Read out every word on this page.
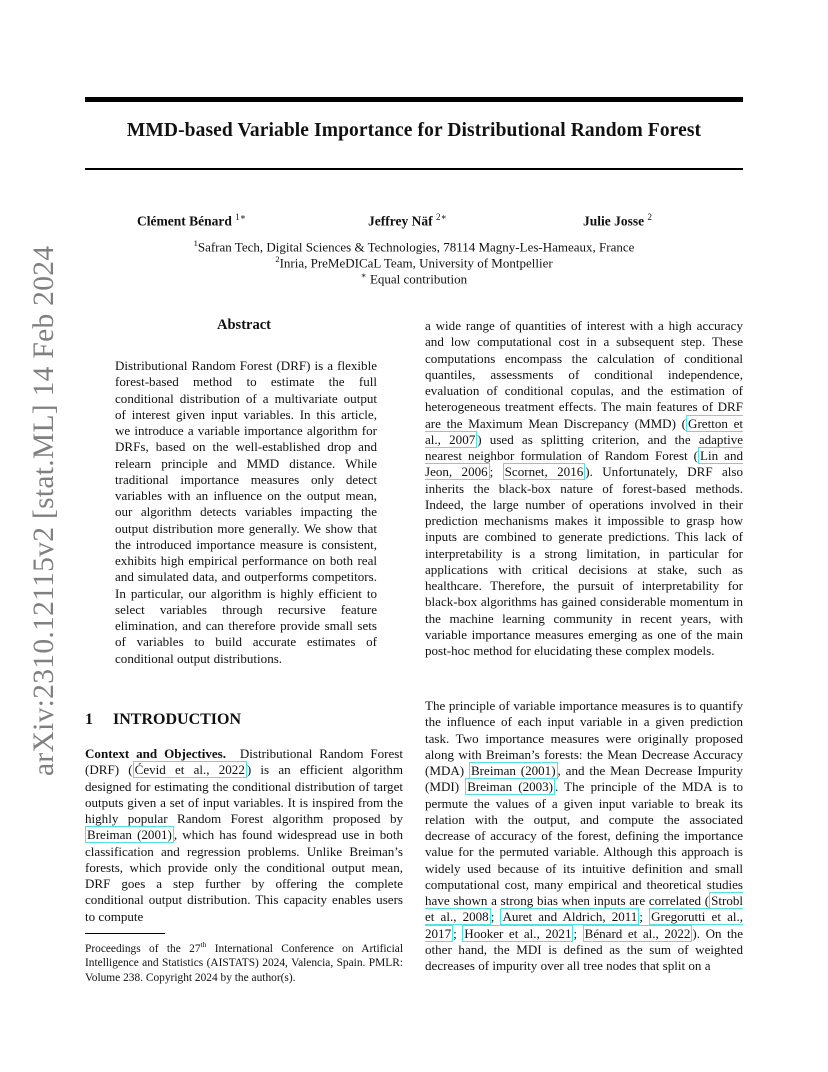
arXiv:2310.12115v2 [stat.ML] 14 Feb 2024
MMD-based Variable Importance for Distributional Random Forest
Clément Bénard $^{1∗}$	Jeffrey Näf $^{2∗}$	Julie Josse $^2$
$^1$Safran Tech, Digital Sciences & Technologies, 78114 Magny-Les-Hameaux, France
$^2$Inria, PreMeDICaL Team, University of Montpellier
∗ Equal contribution
Abstract
Distributional Random Forest (DRF) is a flexible forest-based method to estimate the full conditional distribution of a multivariate output of interest given input variables. In this article, we introduce a variable importance algorithm for DRFs, based on the well-established drop and relearn principle and MMD distance. While traditional importance measures only detect variables with an influence on the output mean, our algorithm detects variables impacting the output distribution more generally. We show that the introduced importance measure is consistent, exhibits high empirical performance on both real and simulated data, and outperforms competitors. In particular, our algorithm is highly efficient to select variables through recursive feature elimination, and can therefore provide small sets of variables to build accurate estimates of conditional output distributions.
1 INTRODUCTION
Context and Objectives. Distributional Random Forest (DRF) ( Ćevid et al., 2022 ) is an efficient algorithm designed for estimating the conditional distribution of target outputs given a set of input variables. It is inspired from the highly popular Random Forest algorithm proposed by Breiman (2001) , which has found widespread use in both classification and regression problems. Unlike Breiman’s forests, which provide only the conditional output mean, DRF goes a step further by offering the complete conditional output distribution. This capacity enables users to compute
Proceedings of the 27th International Conference on Artificial Intelligence and Statistics (AISTATS) 2024, Valencia, Spain. PMLR: Volume 238. Copyright 2024 by the author(s).
a wide range of quantities of interest with a high accuracy and low computational cost in a subsequent step. These computations encompass the calculation of conditional quantiles, assessments of conditional independence, evaluation of conditional copulas, and the estimation of heterogeneous treatment effects. The main features of DRF are the Maximum Mean Discrepancy (MMD) ( Gretton et al., 2007 ) used as splitting criterion, and the adaptive nearest neighbor formulation of Random Forest ( Lin and Jeon, 2006 ; Scornet, 2016 ). Unfortunately, DRF also inherits the black-box nature of forest-based methods. Indeed, the large number of operations involved in their prediction mechanisms makes it impossible to grasp how inputs are combined to generate predictions. This lack of interpretability is a strong limitation, in particular for applications with critical decisions at stake, such as healthcare. Therefore, the pursuit of interpretability for black-box algorithms has gained considerable momentum in the machine learning community in recent years, with variable importance measures emerging as one of the main post-hoc method for elucidating these complex models.
The principle of variable importance measures is to quantify the influence of each input variable in a given prediction task. Two importance measures were originally proposed along with Breiman’s forests: the Mean Decrease Accuracy (MDA) Breiman (2001) , and the Mean Decrease Impurity (MDI) Breiman (2003) . The principle of the MDA is to permute the values of a given input variable to break its relation with the output, and compute the associated decrease of accuracy of the forest, defining the importance value for the permuted variable. Although this approach is widely used because of its intuitive definition and small computational cost, many empirical and theoretical studies have shown a strong bias when inputs are correlated ( Strobl et al., 2008 ; Auret and Aldrich, 2011 ; Gregorutti et al., 2017 ; Hooker et al., 2021 ; Bénard et al., 2022 ). On the other hand, the MDI is defined as the sum of weighted decreases of impurity over all tree nodes that split on a
